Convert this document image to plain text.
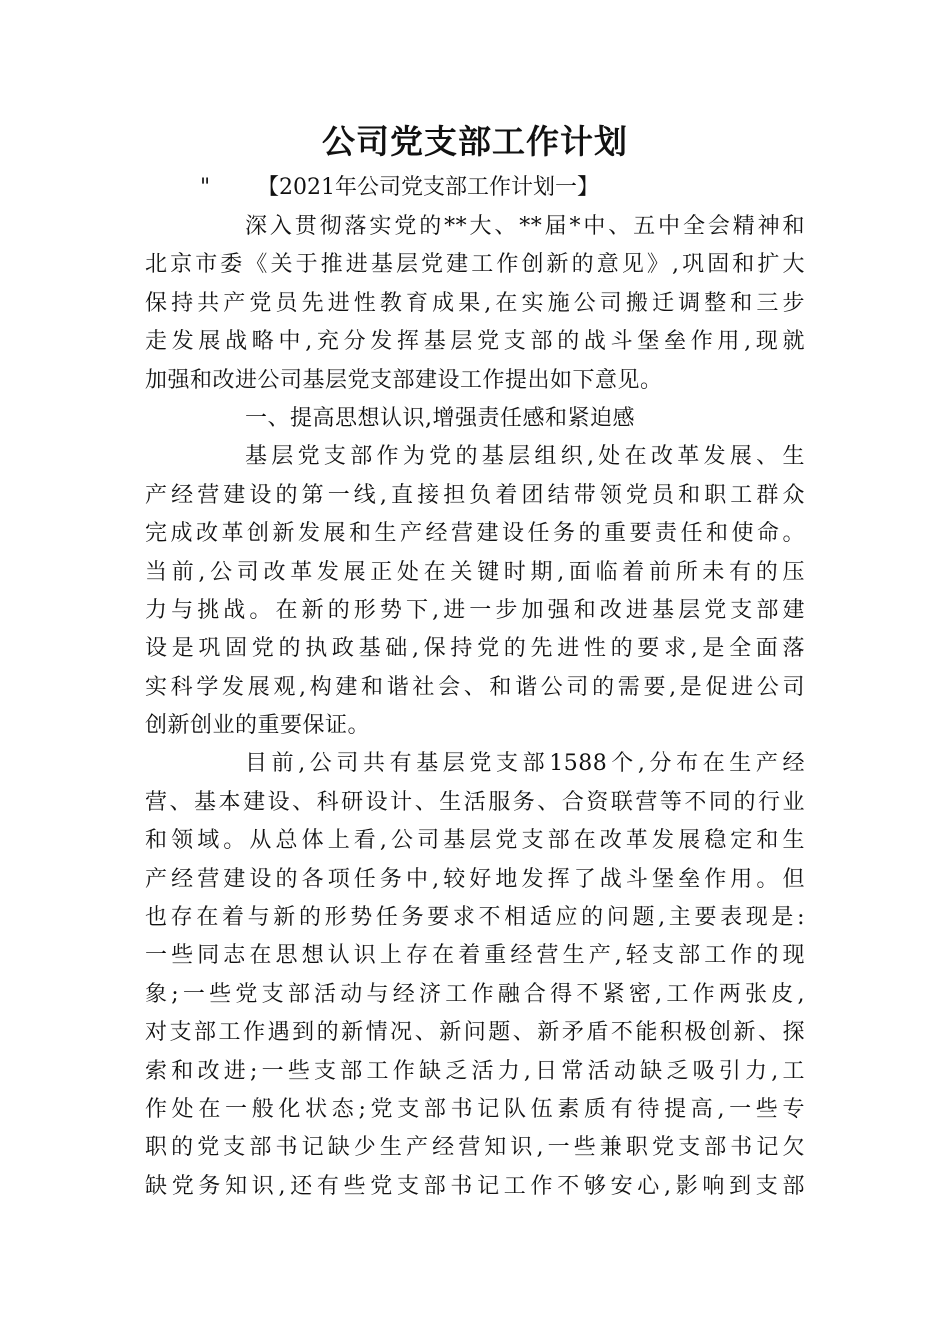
公司党支部工作计划
" 【2021年公司党支部工作计划一】
深入贯彻落实党的**大、**届*中、五中全会精神和
北京市委《关于推进基层党建工作创新的意见》,巩固和扩大
保持共产党员先进性教育成果,在实施公司搬迁调整和三步
走发展战略中,充分发挥基层党支部的战斗堡垒作用,现就
加强和改进公司基层党支部建设工作提出如下意见。
一、提高思想认识,增强责任感和紧迫感
基层党支部作为党的基层组织,处在改革发展、生
产经营建设的第一线,直接担负着团结带领党员和职工群众
完成改革创新发展和生产经营建设任务的重要责任和使命。
当前,公司改革发展正处在关键时期,面临着前所未有的压
力与挑战。在新的形势下,进一步加强和改进基层党支部建
设是巩固党的执政基础,保持党的先进性的要求,是全面落
实科学发展观,构建和谐社会、和谐公司的需要,是促进公司
创新创业的重要保证。
目前,公司共有基层党支部1588个,分布在生产经
营、基本建设、科研设计、生活服务、合资联营等不同的行业
和领域。从总体上看,公司基层党支部在改革发展稳定和生
产经营建设的各项任务中,较好地发挥了战斗堡垒作用。但
也存在着与新的形势任务要求不相适应的问题,主要表现是:
一些同志在思想认识上存在着重经营生产,轻支部工作的现
象;一些党支部活动与经济工作融合得不紧密,工作两张皮,
对支部工作遇到的新情况、新问题、新矛盾不能积极创新、探
索和改进;一些支部工作缺乏活力,日常活动缺乏吸引力,工
作处在一般化状态;党支部书记队伍素质有待提高,一些专
职的党支部书记缺少生产经营知识,一些兼职党支部书记欠
缺党务知识,还有些党支部书记工作不够安心,影响到支部
